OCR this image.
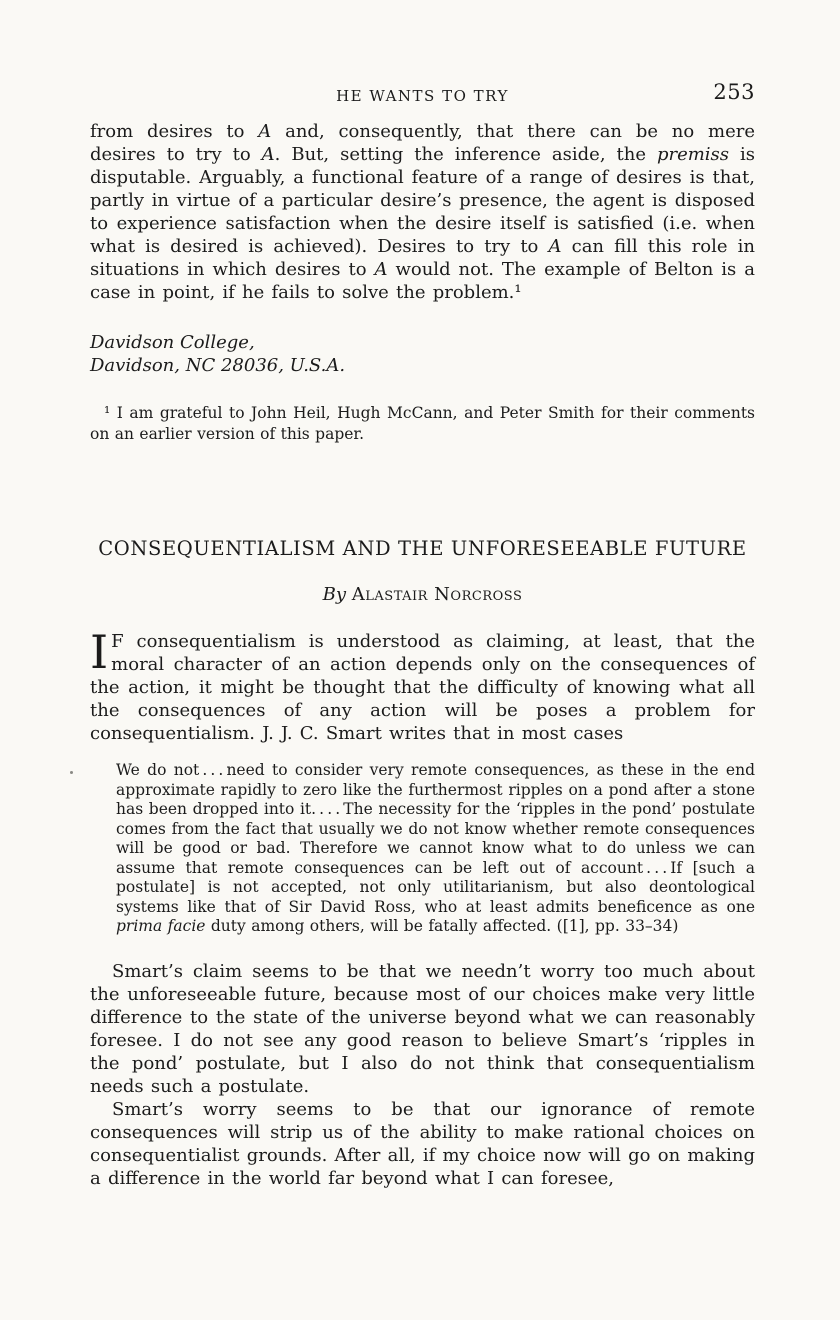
HE WANTS TO TRY	253

from desires to A and, consequently, that there can be no mere desires to try to A. But, setting the inference aside, the premiss is disputable. Arguably, a functional feature of a range of desires is that, partly in virtue of a particular desire’s presence, the agent is disposed to experience satisfaction when the desire itself is satisfied (i.e. when what is desired is achieved). Desires to try to A can fill this role in situations in which desires to A would not. The example of Belton is a case in point, if he fails to solve the problem.¹

Davidson College,
Davidson, NC 28036, U.S.A.

¹ I am grateful to John Heil, Hugh McCann, and Peter Smith for their comments on an earlier version of this paper.

CONSEQUENTIALISM AND THE UNFORESEEABLE FUTURE
By Alastair Norcross

I F consequentialism is understood as claiming, at least, that the moral character of an action depends only on the consequences of the action, it might be thought that the difficulty of knowing what all the consequences of any action will be poses a problem for consequentialism. J. J. C. Smart writes that in most cases

We do not . . . need to consider very remote consequences, as these in the end approximate rapidly to zero like the furthermost ripples on a pond after a stone has been dropped into it. . . . The necessity for the ‘ripples in the pond’ postulate comes from the fact that usually we do not know whether remote consequences will be good or bad. Therefore we cannot know what to do unless we can assume that remote consequences can be left out of account . . . If [such a postulate] is not accepted, not only utilitarianism, but also deontological systems like that of Sir David Ross, who at least admits beneficence as one prima facie duty among others, will be fatally affected. ([1], pp. 33–34)

Smart’s claim seems to be that we needn’t worry too much about the unforeseeable future, because most of our choices make very little difference to the state of the universe beyond what we can reasonably foresee. I do not see any good reason to believe Smart’s ‘ripples in the pond’ postulate, but I also do not think that consequentialism needs such a postulate.

Smart’s worry seems to be that our ignorance of remote consequences will strip us of the ability to make rational choices on consequentialist grounds. After all, if my choice now will go on making a difference in the world far beyond what I can foresee,
